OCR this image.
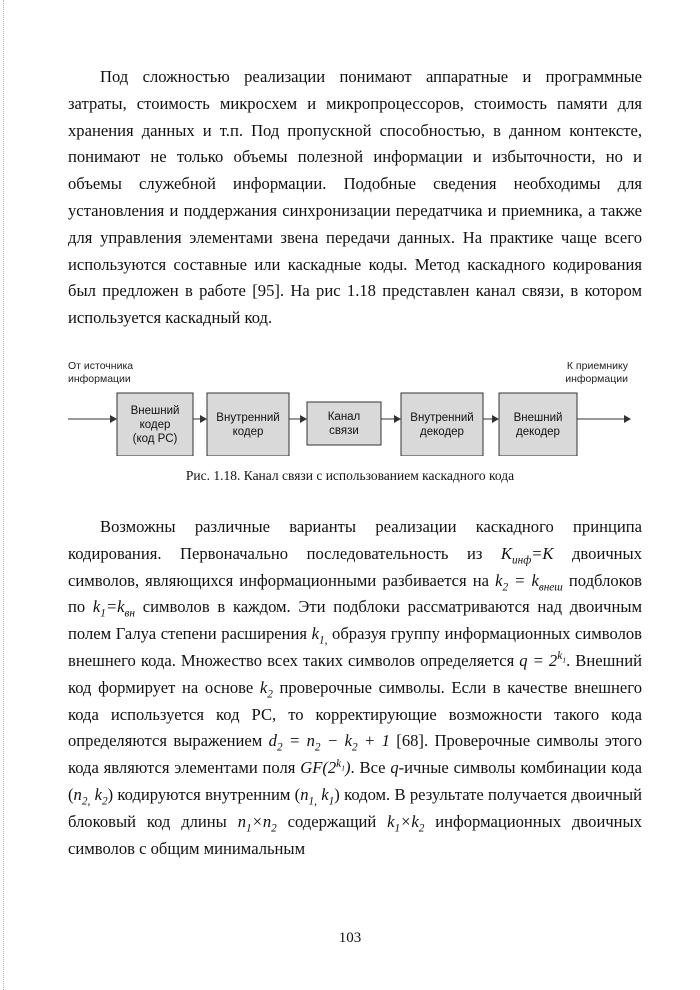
Под сложностью реализации понимают аппаратные и программные затраты, стоимость микросхем и микропроцессоров, стоимость памяти для хранения данных и т.п. Под пропускной способностью, в данном контексте, понимают не только объемы полезной информации и избыточности, но и объемы служебной информации. Подобные сведения необходимы для установления и поддержания синхронизации передатчика и приемника, а также для управления элементами звена передачи данных. На практике чаще всего используются составные или каскадные коды. Метод каскадного кодирования был предложен в работе [95]. На рис 1.18 представлен канал связи, в котором используется каскадный код.

От источника
информации
К приемнику
информации
Внешний
кодер
(код РС)
Внутренний
кодер
Канал
связи
Внутренний
декодер
Внешний
декодер
Рис. 1.18. Канал связи с использованием каскадного кода

Возможны различные варианты реализации каскадного принципа кодирования. Первоначально последовательность из $K_{инф}=K$ двоичных символов, являющихся информационными разбивается на $k_2 = k_{внеш}$ подблоков по $k_1=k_{вн}$ символов в каждом. Эти подблоки рассматриваются над двоичным полем Галуа степени расширения $k_{1,}$ образуя группу информационных символов внешнего кода. Множество всех таких символов определяется $q = 2^{k_1}$. Внешний код формирует на основе $k_2$ проверочные символы. Если в качестве внешнего кода используется код РС, то корректирующие возможности такого кода определяются выражением $d_2 = n_2 - k_2 + 1$ [68]. Проверочные символы этого кода являются элементами поля $GF(2^{k_1})$. Все q-ичные символы комбинации кода ($n_{2,}$ $k_2$) кодируются внутренним ($n_{1,}$ $k_1$) кодом. В результате получается двоичный блоковый код длины $n_1\times n_2$ содержащий $k_1\times k_2$ информационных двоичных символов с общим минимальным

103
